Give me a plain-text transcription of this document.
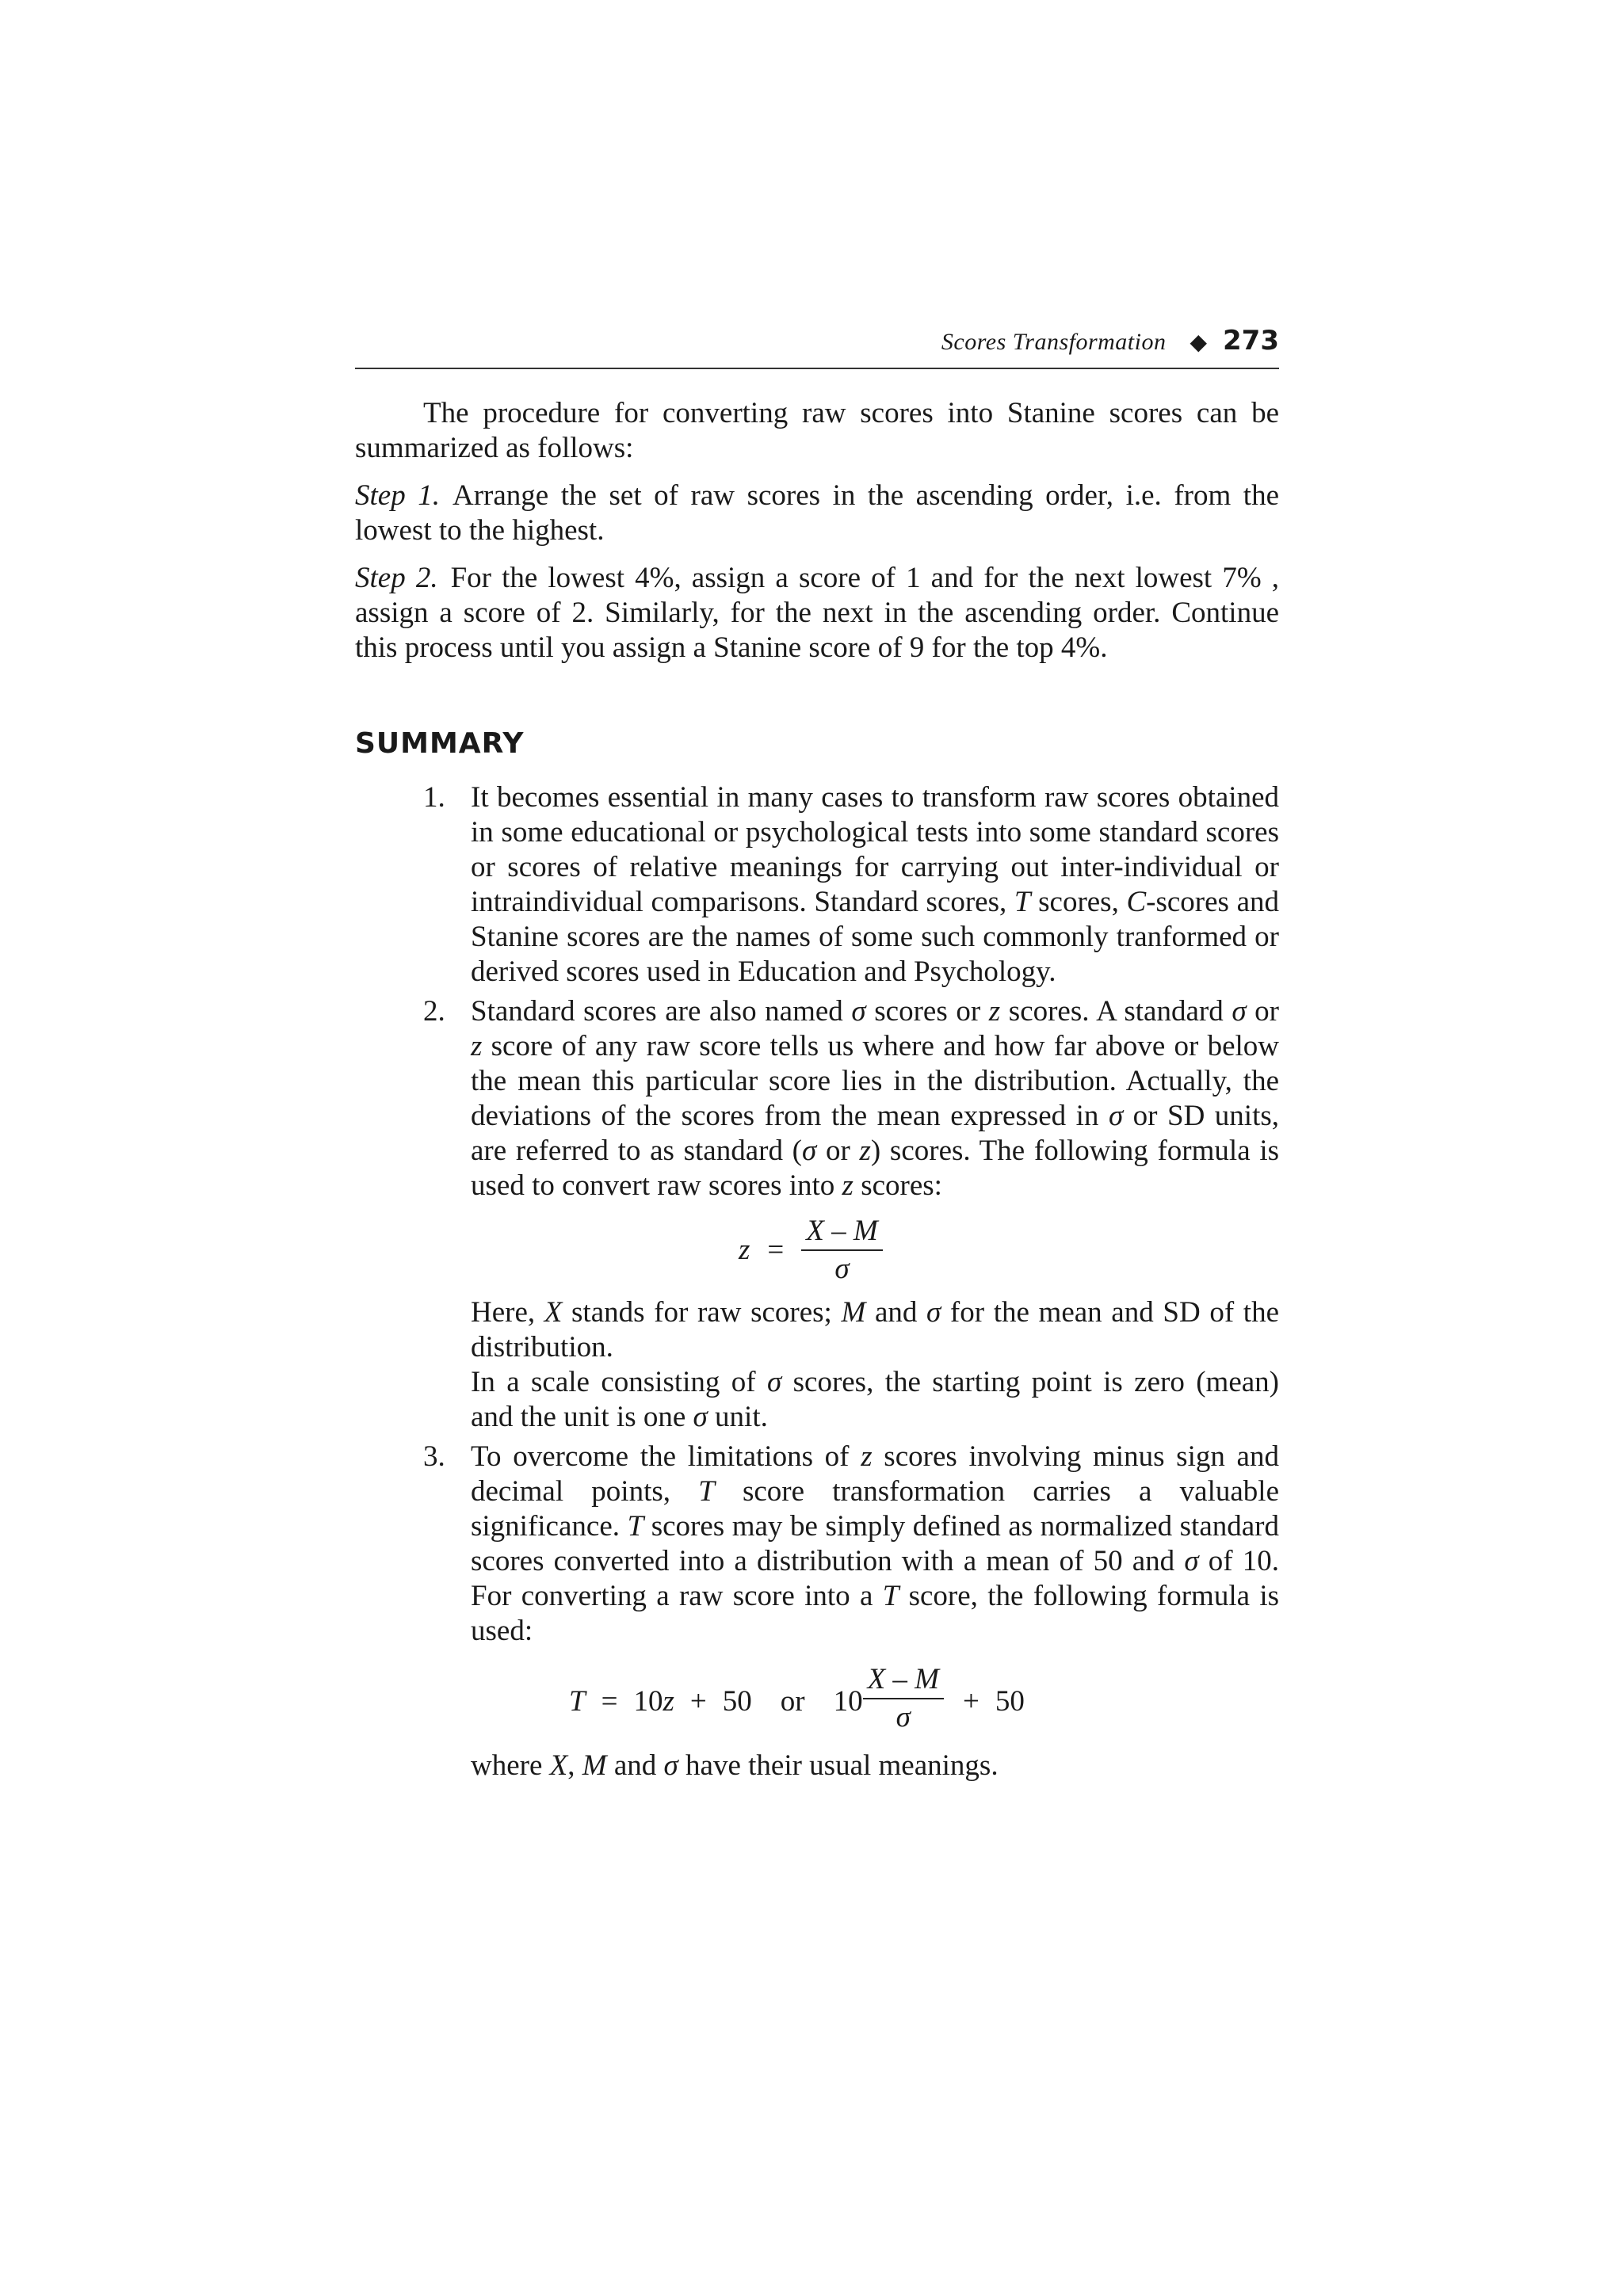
Scores Transformation ◆ 273

The procedure for converting raw scores into Stanine scores can be summarized as follows:

Step 1. Arrange the set of raw scores in the ascending order, i.e. from the lowest to the highest.

Step 2. For the lowest 4%, assign a score of 1 and for the next lowest 7% , assign a score of 2. Similarly, for the next in the ascending order. Continue this process until you assign a Stanine score of 9 for the top 4%.

SUMMARY
1. It becomes essential in many cases to transform raw scores obtained in some educational or psychological tests into some standard scores or scores of relative meanings for carrying out inter-individual or intraindividual comparisons. Standard scores, T scores, C-scores and Stanine scores are the names of some such commonly tranformed or derived scores used in Education and Psychology.
2. Standard scores are also named σ scores or z scores. A standard σ or z score of any raw score tells us where and how far above or below the mean this particular score lies in the distribution. Actually, the deviations of the scores from the mean expressed in σ or SD units, are referred to as standard (σ or z) scores. The following formula is used to convert raw scores into z scores:
$z = \frac{X - M}{\sigma}$
Here, X stands for raw scores; M and σ for the mean and SD of the distribution.
In a scale consisting of σ scores, the starting point is zero (mean) and the unit is one σ unit.
3. To overcome the limitations of z scores involving minus sign and decimal points, T score transformation carries a valuable significance. T scores may be simply defined as normalized standard scores converted into a distribution with a mean of 50 and σ of 10. For converting a raw score into a T score, the following formula is used:
T = 10 z + 50 or $10 \frac{X - M}{\sigma} + 50$
where X, M and σ have their usual meanings.
